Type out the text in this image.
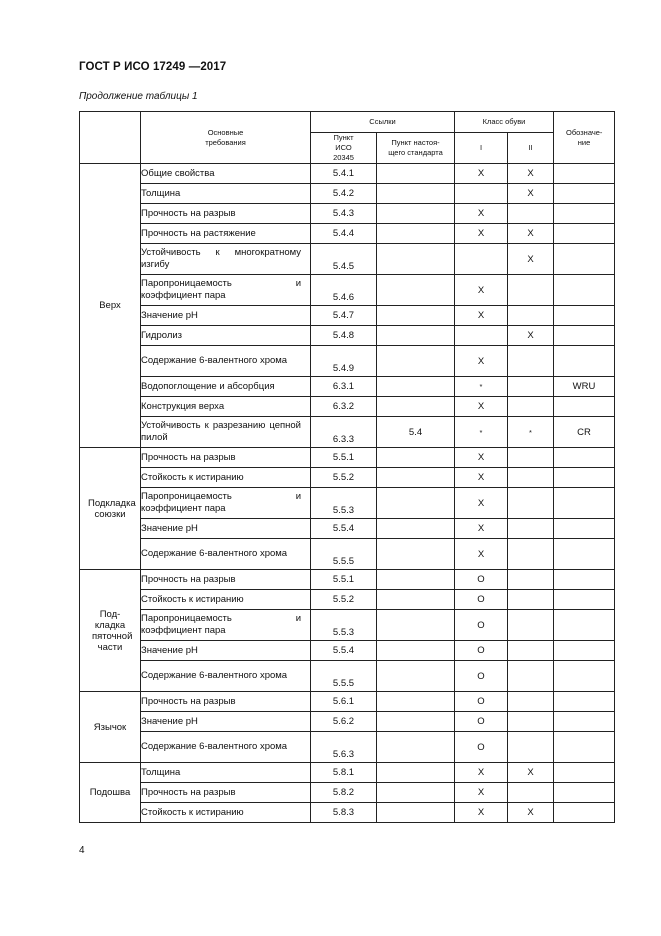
ГОСТ Р ИСО 17249 —2017
Продолжение таблицы 1
	Основные требования	Ссылки		Класс обуви		Обозначе-ние
		Пункт ИСО 20345	Пункт настоя-щего стандарта	I	II	
Верх	Общие свойства	5.4.1		X	X	
	Толщина	5.4.2			X	
	Прочность на разрыв	5.4.3		X		
	Прочность на растяжение	5.4.4		X	X	
	Устойчивость к многократному изгибу	5.4.5			X	
	Паропроницаемость и коэффициент пара	5.4.6		X		
	Значение pH	5.4.7		X		
	Гидролиз	5.4.8			X	
	Содержание 6-валентного хрома	5.4.9		X		
	Водопоглощение и абсорбция	6.3.1		*		WRU
	Конструкция верха	6.3.2		X		
	Устойчивость к разрезанию цепной пилой	6.3.3	5.4	*	*	CR
Подкладка союзки	Прочность на разрыв	5.5.1		X		
	Стойкость к истиранию	5.5.2		X		
	Паропроницаемость и коэффициент пара	5.5.3		X		
	Значение pH	5.5.4		X		
	Содержание 6-валентного хрома	5.5.5		X		
Под-кладка пяточной части	Прочность на разрыв	5.5.1		O		
	Стойкость к истиранию	5.5.2		O		
	Паропроницаемость и коэффициент пара	5.5.3		O		
	Значение pH	5.5.4		O		
	Содержание 6-валентного хрома	5.5.5		O		
Язычок	Прочность на разрыв	5.6.1		O		
	Значение pH	5.6.2		O		
	Содержание 6-валентного хрома	5.6.3		O		
Подошва	Толщина	5.8.1		X	X	
	Прочность на разрыв	5.8.2		X		
	Стойкость к истиранию	5.8.3		X	X	
4
